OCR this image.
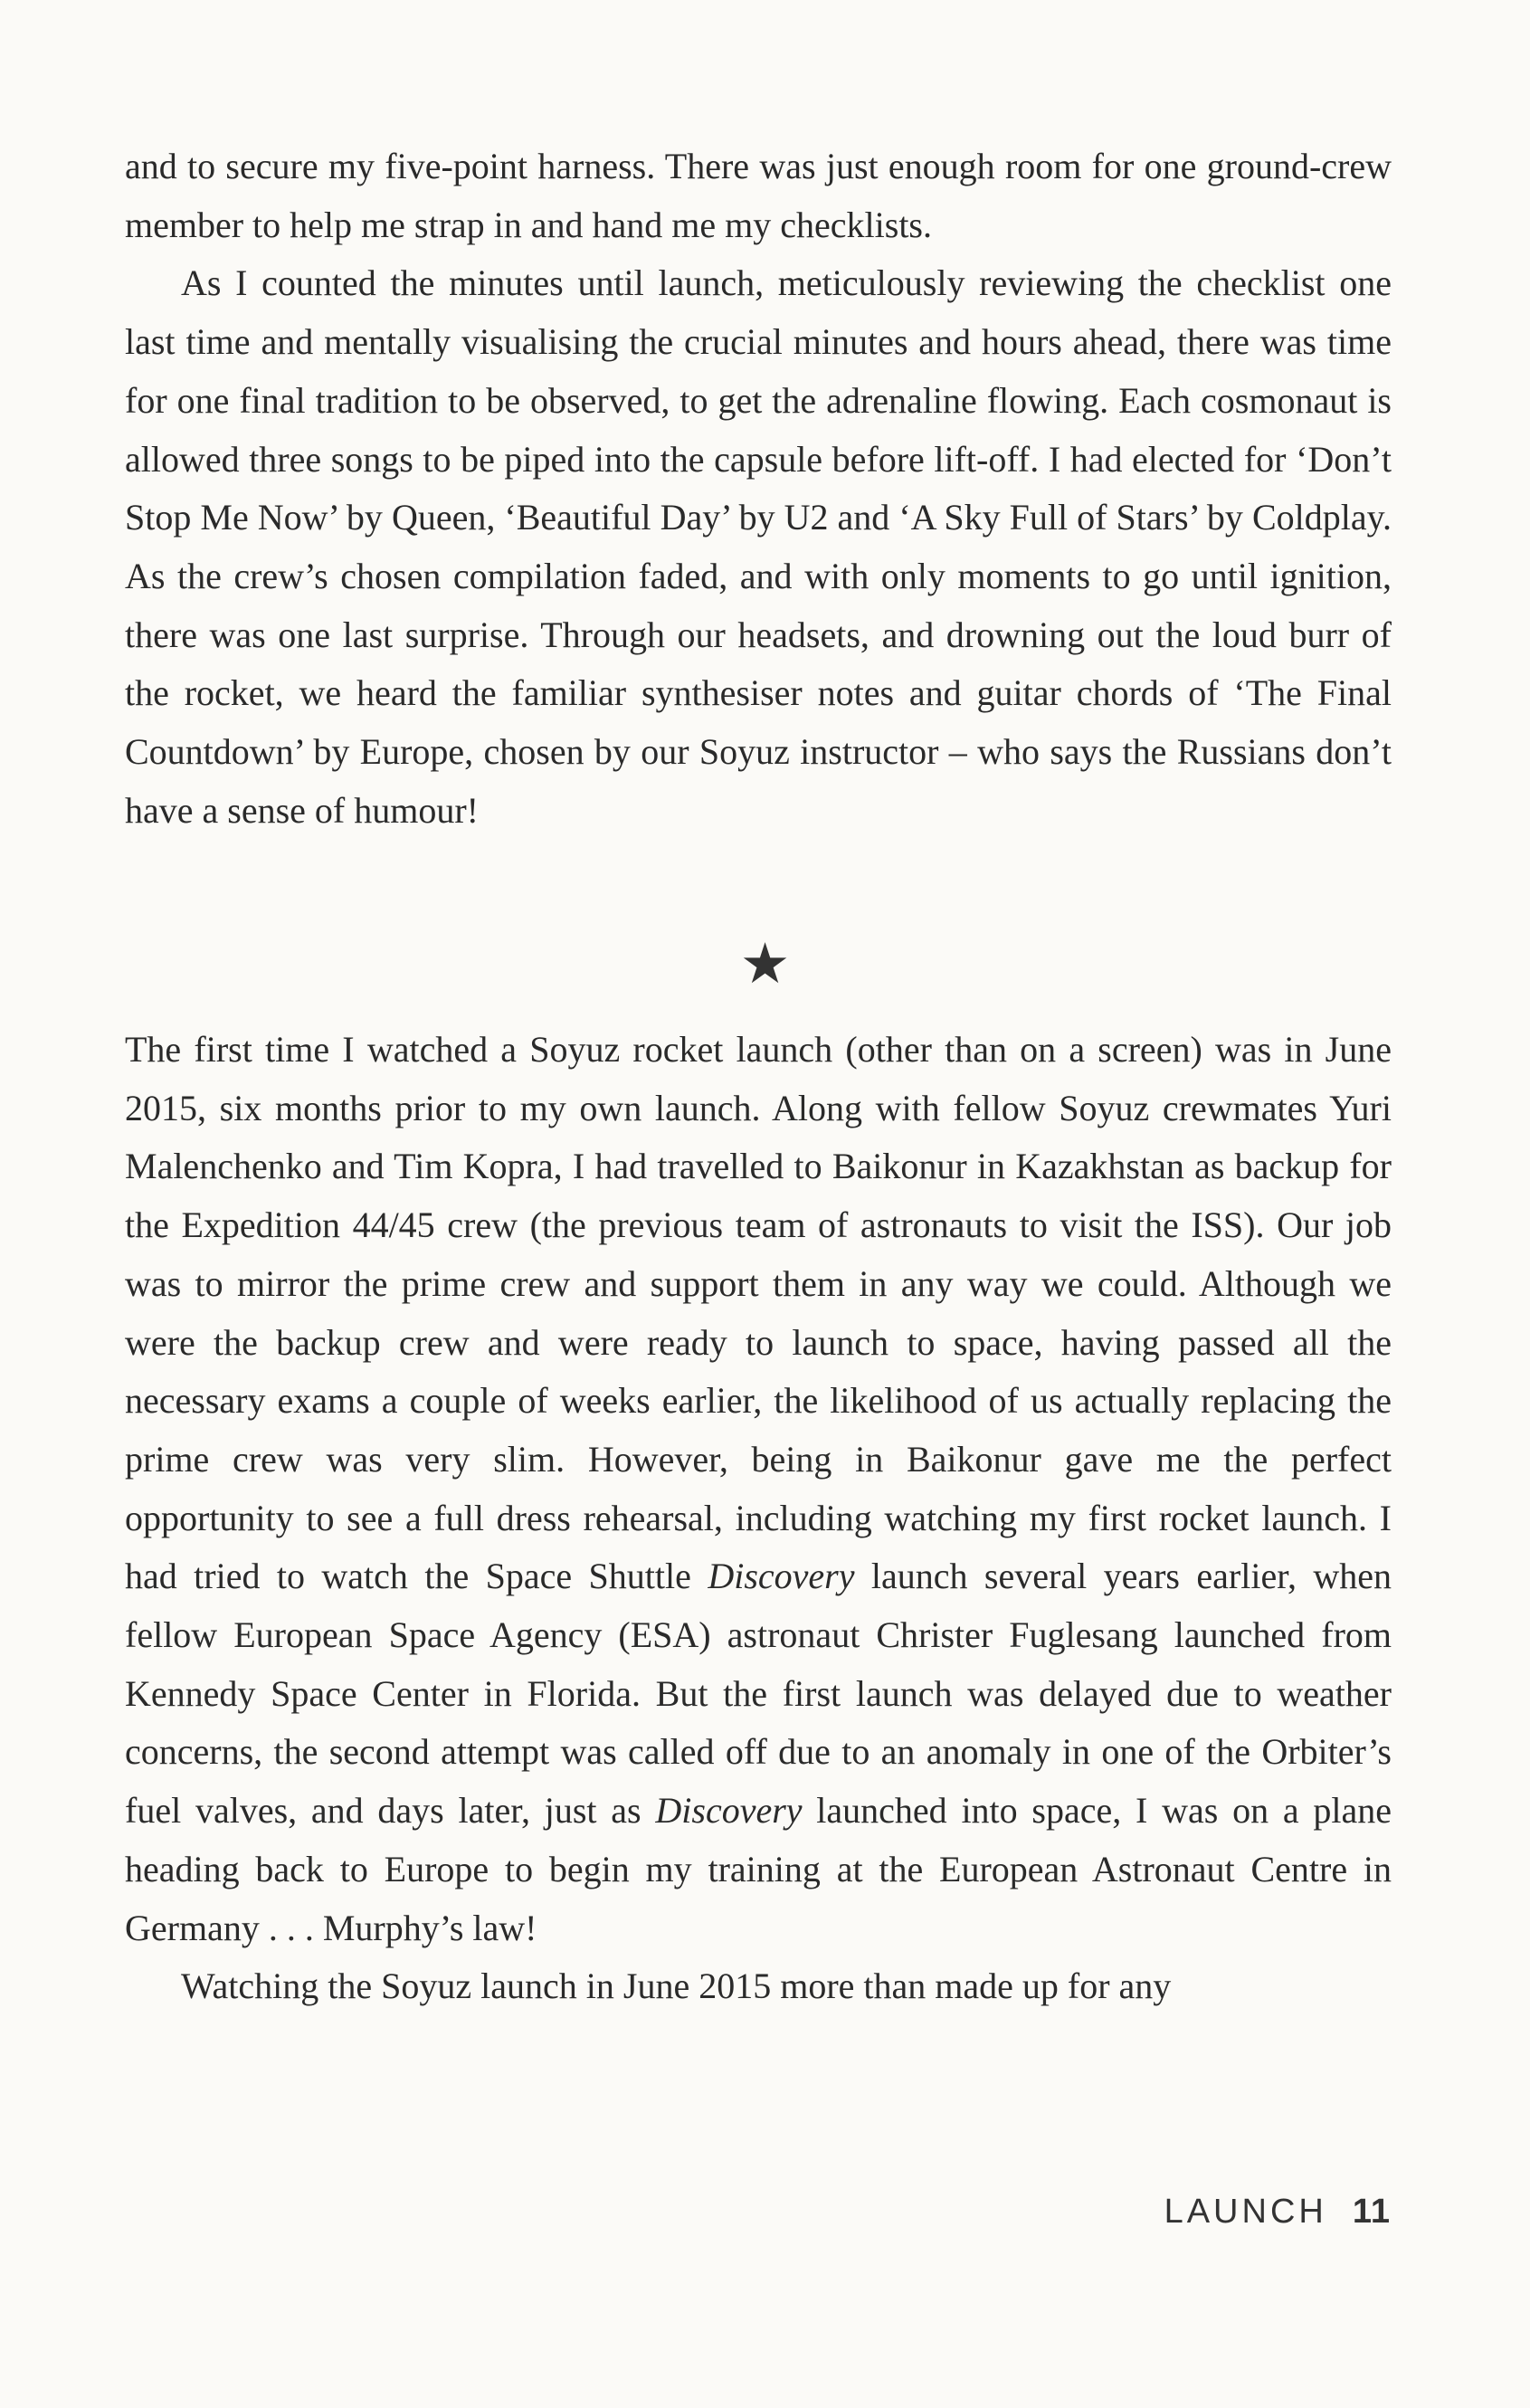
and to secure my five-point harness. There was just enough room for one ground-crew member to help me strap in and hand me my checklists.

As I counted the minutes until launch, meticulously reviewing the checklist one last time and mentally visualising the crucial minutes and hours ahead, there was time for one final tradition to be observed, to get the adrenaline flowing. Each cosmonaut is allowed three songs to be piped into the capsule before lift-off. I had elected for ‘Don’t Stop Me Now’ by Queen, ‘Beautiful Day’ by U2 and ‘A Sky Full of Stars’ by Coldplay. As the crew’s chosen compilation faded, and with only moments to go until ignition, there was one last surprise. Through our headsets, and drowning out the loud burr of the rocket, we heard the familiar synthesiser notes and guitar chords of ‘The Final Countdown’ by Europe, chosen by our Soyuz instructor – who says the Russians don’t have a sense of humour!

★

The first time I watched a Soyuz rocket launch (other than on a screen) was in June 2015, six months prior to my own launch. Along with fellow Soyuz crewmates Yuri Malenchenko and Tim Kopra, I had travelled to Baikonur in Kazakhstan as backup for the Expedition 44/45 crew (the previous team of astronauts to visit the ISS). Our job was to mirror the prime crew and support them in any way we could. Although we were the backup crew and were ready to launch to space, having passed all the necessary exams a couple of weeks earlier, the likelihood of us actually replacing the prime crew was very slim. However, being in Baikonur gave me the perfect opportunity to see a full dress rehearsal, including watching my first rocket launch. I had tried to watch the Space Shuttle Discovery launch several years earlier, when fellow European Space Agency (ESA) astronaut Christer Fuglesang launched from Kennedy Space Center in Florida. But the first launch was delayed due to weather concerns, the second attempt was called off due to an anomaly in one of the Orbiter’s fuel valves, and days later, just as Discovery launched into space, I was on a plane heading back to Europe to begin my training at the European Astronaut Centre in Germany . . . Murphy’s law!

Watching the Soyuz launch in June 2015 more than made up for any

LAUNCH 11
